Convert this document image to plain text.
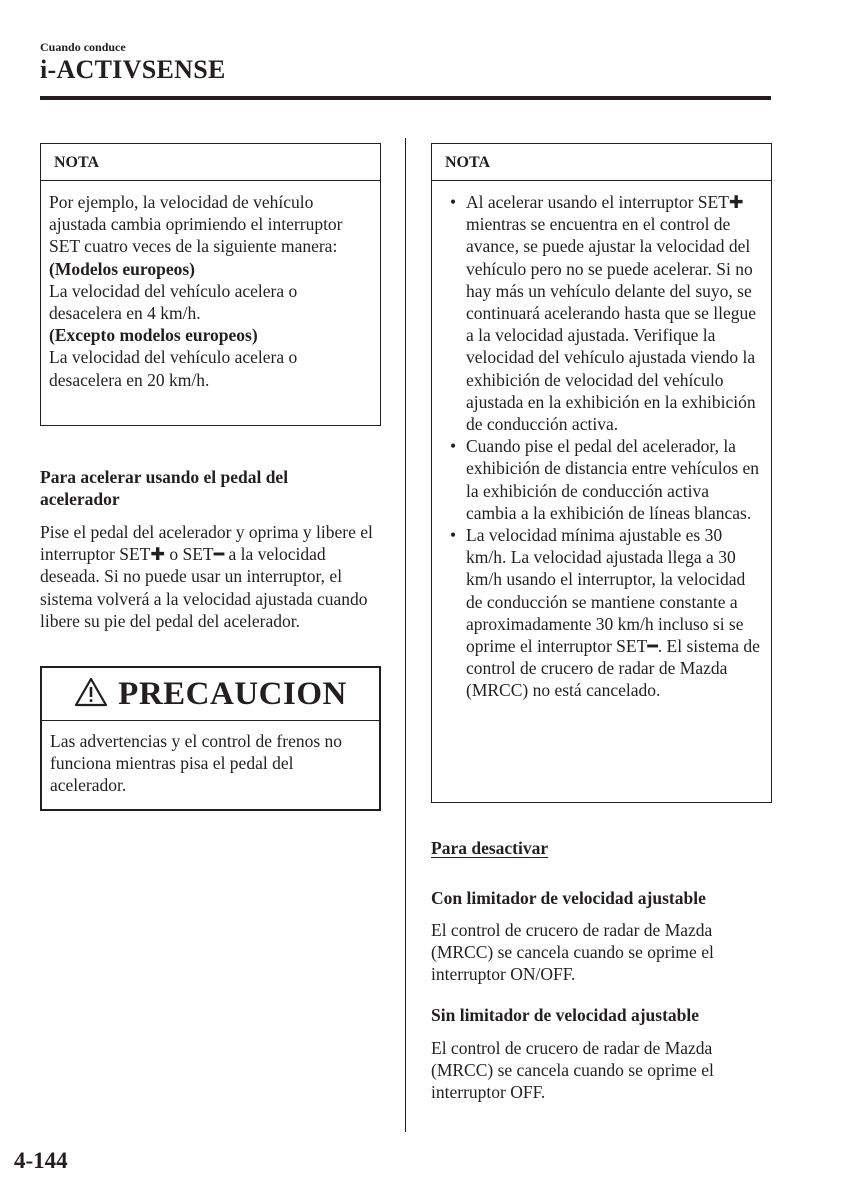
Cuando conduce
i-ACTIVSENSE
NOTA

Por ejemplo, la velocidad de vehículo ajustada cambia oprimiendo el interruptor SET cuatro veces de la siguiente manera:

(Modelos europeos)

La velocidad del vehículo acelera o desacelera en 4 km/h.

(Excepto modelos europeos)

La velocidad del vehículo acelera o desacelera en 20 km/h.

Para acelerar usando el pedal del acelerador

Pise el pedal del acelerador y oprima y libere el interruptor SET✚ o SET━ a la velocidad deseada. Si no puede usar un interruptor, el sistema volverá a la velocidad ajustada cuando libere su pie del pedal del acelerador.

PRECAUCION
Las advertencias y el control de frenos no funciona mientras pisa el pedal del acelerador.
NOTA
• Al acelerar usando el interruptor SET✚ mientras se encuentra en el control de avance, se puede ajustar la velocidad del vehículo pero no se puede acelerar. Si no hay más un vehículo delante del suyo, se continuará acelerando hasta que se llegue a la velocidad ajustada. Verifique la velocidad del vehículo ajustada viendo la exhibición de velocidad del vehículo ajustada en la exhibición en la exhibición de conducción activa.
• Cuando pise el pedal del acelerador, la exhibición de distancia entre vehículos en la exhibición de conducción activa cambia a la exhibición de líneas blancas.
• La velocidad mínima ajustable es 30 km/h. La velocidad ajustada llega a 30 km/h usando el interruptor, la velocidad de conducción se mantiene constante a aproximadamente 30 km/h incluso si se oprime el interruptor SET━. El sistema de control de crucero de radar de Mazda (MRCC) no está cancelado.
Para desactivar
Con limitador de velocidad ajustable

El control de crucero de radar de Mazda (MRCC) se cancela cuando se oprime el interruptor ON/OFF.

Sin limitador de velocidad ajustable

El control de crucero de radar de Mazda (MRCC) se cancela cuando se oprime el interruptor OFF.

4-144
